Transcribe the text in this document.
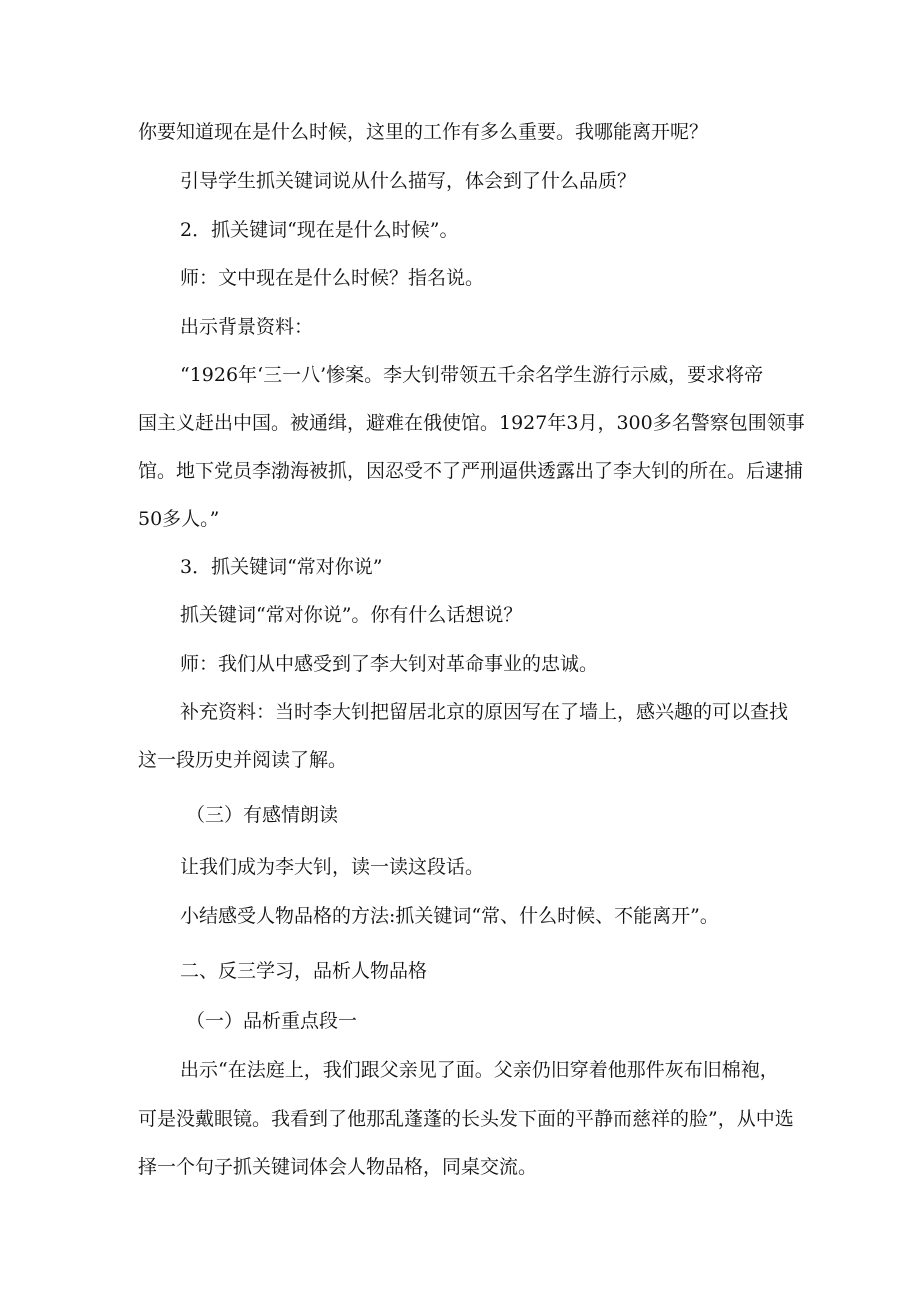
你要知道现在是什么时候，这里的工作有多么重要。我哪能离开呢？
引导学生抓关键词说从什么描写，体会到了什么品质？
2．抓关键词“现在是什么时候”。
师：文中现在是什么时候？指名说。
出示背景资料：
“1926年‘三一八’惨案。李大钊带领五千余名学生游行示威，要求将帝
国主义赶出中国。被通缉，避难在俄使馆。1927年3月，300多名警察包围领事
馆。地下党员李渤海被抓，因忍受不了严刑逼供透露出了李大钊的所在。后逮捕
50多人。”
3．抓关键词“常对你说”
抓关键词“常对你说”。你有什么话想说？
师：我们从中感受到了李大钊对革命事业的忠诚。
补充资料：当时李大钊把留居北京的原因写在了墙上，感兴趣的可以查找
这一段历史并阅读了解。
（三）有感情朗读
让我们成为李大钊，读一读这段话。
小结感受人物品格的方法:抓关键词“常、什么时候、不能离开”。
二、反三学习，品析人物品格
（一）品析重点段一
出示“在法庭上，我们跟父亲见了面。父亲仍旧穿着他那件灰布旧棉袍，
可是没戴眼镜。我看到了他那乱蓬蓬的长头发下面的平静而慈祥的脸”，从中选
择一个句子抓关键词体会人物品格，同桌交流。
